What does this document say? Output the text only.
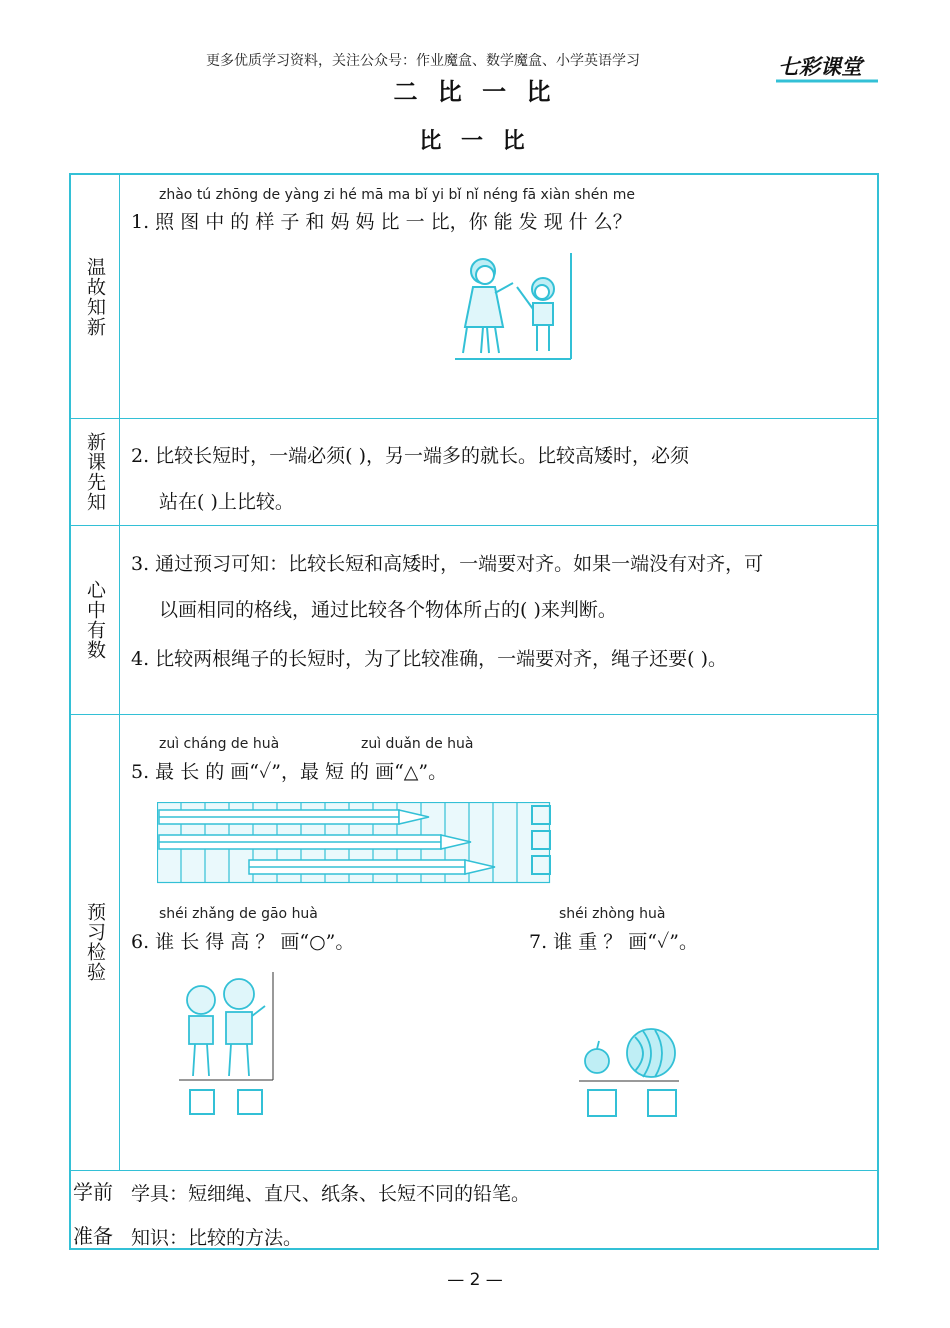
更多优质学习资料，关注公众号：作业魔盒、数学魔盒、小学英语学习	七彩课堂
二 比 一 比
比 一 比
温故知新
新课先知
心中有数
预习检验
zhào tú zhōng de yàng zi hé mā ma bǐ yi bǐ nǐ néng fā xiàn shén me
1. 照 图 中 的 样 子 和 妈 妈 比 一 比，你 能 发 现 什 么？
2. 比较长短时，一端必须( )，另一端多的就长。比较高矮时，必须
站在( )上比较。
3. 通过预习可知：比较长短和高矮时，一端要对齐。如果一端没有对齐，可
以画相同的格线，通过比较各个物体所占的( )来判断。
4. 比较两根绳子的长短时，为了比较准确，一端要对齐，绳子还要( )。
zuì cháng de huà	zuì duǎn de huà
5. 最 长 的 画“✓”，最 短 的 画“△”。
shéi zhǎng de gāo huà
6. 谁 长 得 高 ？ 画“○”。
shéi zhòng huà
7. 谁 重 ？ 画“✓”。
学前
准备
学具：短细绳、直尺、纸条、长短不同的铅笔。
知识：比较的方法。
— 2 —
